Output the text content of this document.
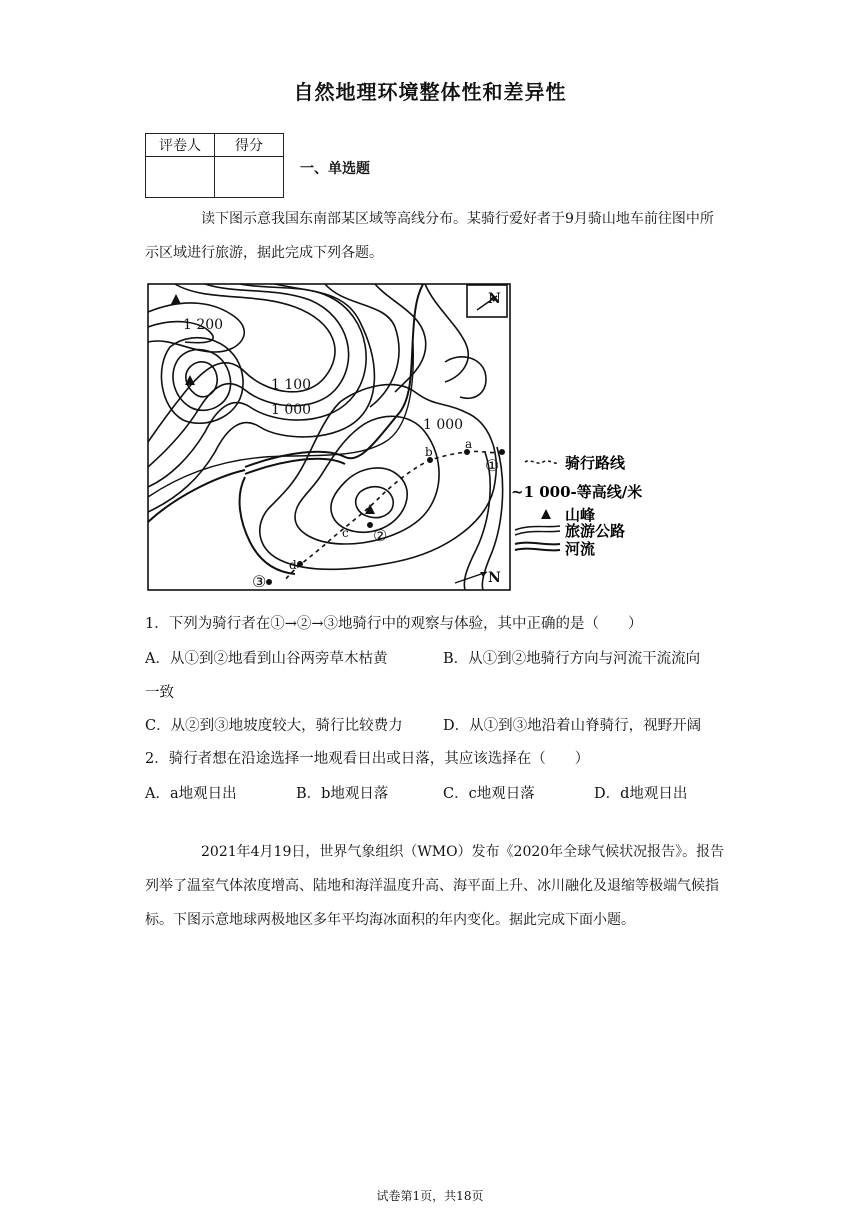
自然地理环境整体性和差异性
评卷人	得分

一、单选题
读下图示意我国东南部某区域等高线分布。某骑行爱好者于9月骑山地车前往图中所示区域进行旅游，据此完成下列各题。
1 200
1 100
1 000
1 000
N
N
a
b
c
d
①
②
③
骑行路线
~1 000-等高线/米
山峰
旅游公路
河流
1．下列为骑行者在①→②→③地骑行中的观察与体验，其中正确的是（　　）
A．从①到②地看到山谷两旁草木枯黄	B．从①到②地骑行方向与河流干流流向
一致
C．从②到③地坡度较大，骑行比较费力	D．从①到③地沿着山脊骑行，视野开阔
2．骑行者想在沿途选择一地观看日出或日落，其应该选择在（　　）
A．a地观日出	B．b地观日落	C．c地观日落	D．d地观日出
2021年4月19日，世界气象组织（WMO）发布《2020年全球气候状况报告》。报告列举了温室气体浓度增高、陆地和海洋温度升高、海平面上升、冰川融化及退缩等极端气候指标。下图示意地球两极地区多年平均海冰面积的年内变化。据此完成下面小题。
试卷第1页，共18页
